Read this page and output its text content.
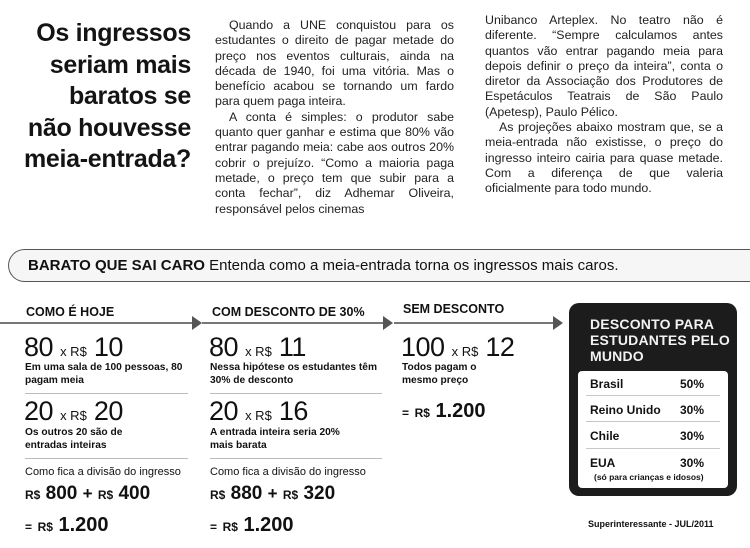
Os ingressos
seriam mais
baratos se
não houvesse
meia-entrada?

Quando a UNE conquistou para os estudantes o direito de pagar metade do preço nos eventos culturais, ainda na década de 1940, foi uma vitória. Mas o benefício acabou se tornando um fardo para quem paga inteira.

A conta é simples: o produtor sabe quanto quer ganhar e estima que 80% vão entrar pagando meia: cabe aos outros 20% cobrir o prejuízo. “Como a maioria paga metade, o preço tem que subir para a conta fechar”, diz Adhemar Oliveira, responsável pelos cinemas

Unibanco Arteplex. No teatro não é diferente. “Sempre calculamos antes quantos vão entrar pagando meia para depois definir o preço da inteira”, conta o diretor da Associação dos Produtores de Espetáculos Teatrais de São Paulo (Apetesp), Paulo Pélico.

As projeções abaixo mostram que, se a meia-entrada não existisse, o preço do ingresso inteiro cairia para quase metade. Com a diferença de que valeria oficialmente para todo mundo.

BARATO QUE SAI CARO Entenda como a meia-entrada torna os ingressos mais caros.
COMO É HOJE
80 x R$ 10
Em uma sala de 100 pessoas, 80 pagam meia
20 x R$ 20
Os outros 20 são de entradas inteiras
Como fica a divisão do ingresso
R$ 800 + R$ 400
= R$ 1.200
COM DESCONTO DE 30%
80 x R$ 11
Nessa hipótese os estudantes têm 30% de desconto
20 x R$ 16
A entrada inteira seria 20% mais barata
Como fica a divisão do ingresso
R$ 880 + R$ 320
= R$ 1.200
SEM DESCONTO
100 x R$ 12
Todos pagam o mesmo preço
= R$ 1.200
DESCONTO PARA ESTUDANTES PELO MUNDO
Brasil	50%
Reino Unido 30%
Chile	30%
EUA	30%
(só para crianças e idosos)
Superinteressante - JUL/2011
